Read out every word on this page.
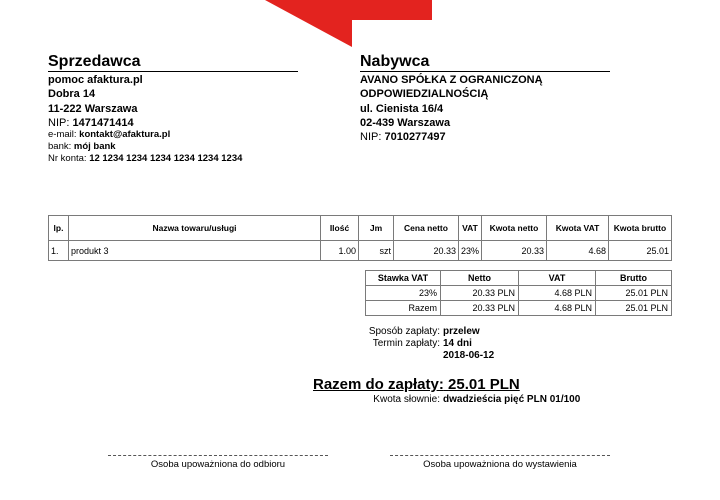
Sprzedawca
pomoc afaktura.pl
Dobra 14
11-222 Warszawa
NIP: 1471471414
e-mail: kontakt@afaktura.pl
bank: mój bank
Nr konta: 12 1234 1234 1234 1234 1234 1234
Nabywca
AVANO SPÓŁKA Z OGRANICZONĄ
ODPOWIEDZIALNOŚCIĄ
ul. Cienista 16/4
02-439 Warszawa
NIP: 7010277497
lp.	Nazwa towaru/usługi	Ilość	Jm	Cena netto	VAT	Kwota netto	Kwota VAT	Kwota brutto
1.	produkt 3	1.00	szt	20.33	23%	20.33	4.68	25.01
Stawka VAT	Netto	VAT	Brutto
23%	20.33 PLN	4.68 PLN	25.01 PLN
Razem	20.33 PLN	4.68 PLN	25.01 PLN
Sposób zapłaty: przelew
Termin zapłaty: 14 dni
2018-06-12
Razem do zapłaty: 25.01 PLN
Kwota słownie: dwadzieścia pięć PLN 01/100
Osoba upoważniona do odbioru	Osoba upoważniona do wystawienia
